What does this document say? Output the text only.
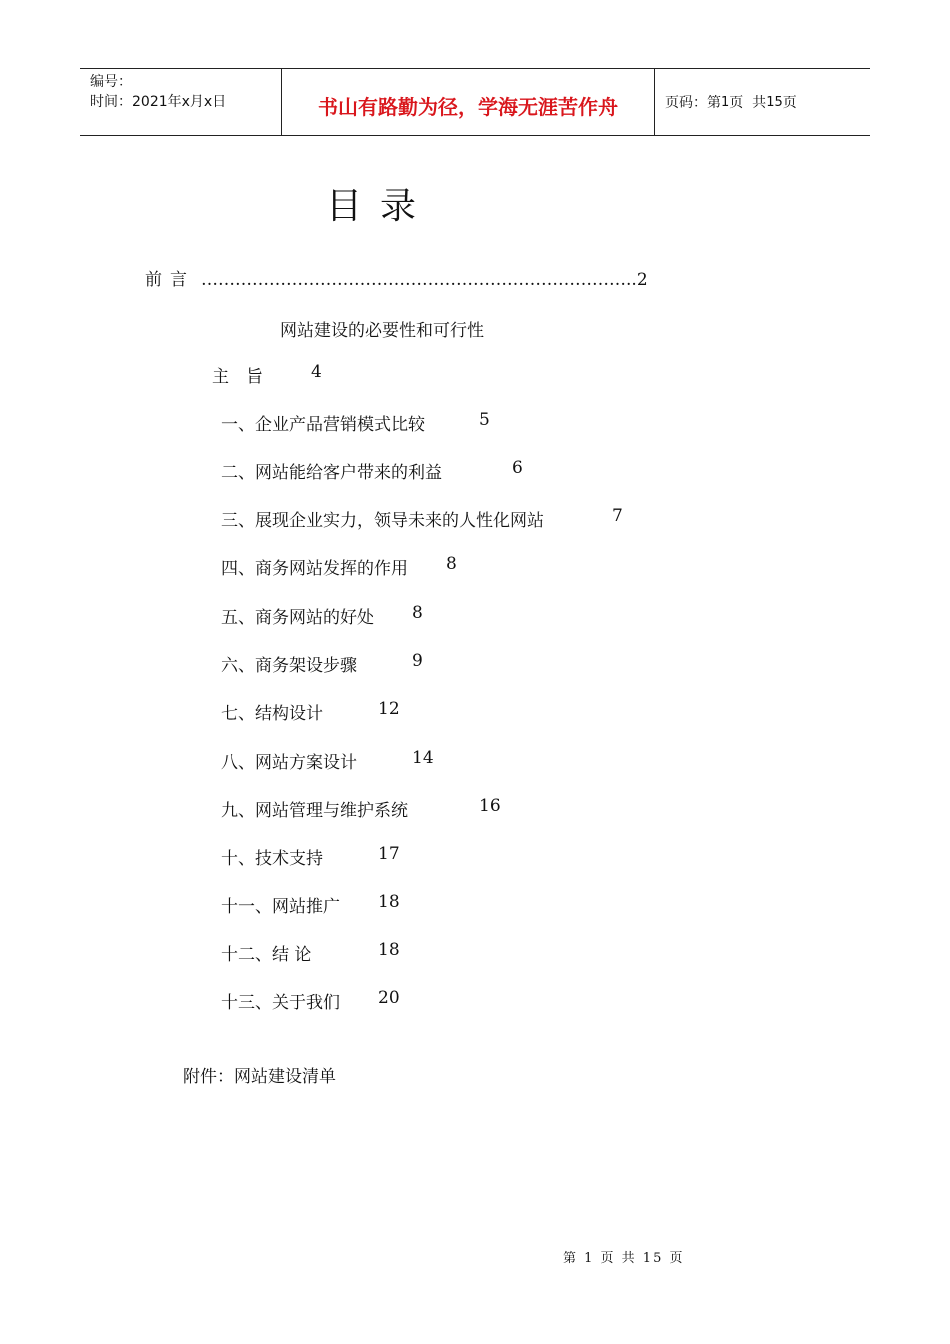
编号：
时间：2021年x月x日	书山有路勤为径，学海无涯苦作舟	页码：第 1 页  共 15 页
目录
前言 …………………………………………………………………..2
网站建设的必要性和可行性
主　旨	4
一、企业产品营销模式比较	5
二、网站能给客户带来的利益	6
三、展现企业实力，领导未来的人性化网站	7
四、商务网站发挥的作用 8
五、商务网站的好处 8
六、商务架设步骤	9
七、结构设计	12
八、网站方案设计	14
九、网站管理与维护系统	16
十、技术支持	17
十一、网站推广 18
十二、结 论	18
十三、关于我们 20
附件：网站建设清单
第 1 页 共 15 页
